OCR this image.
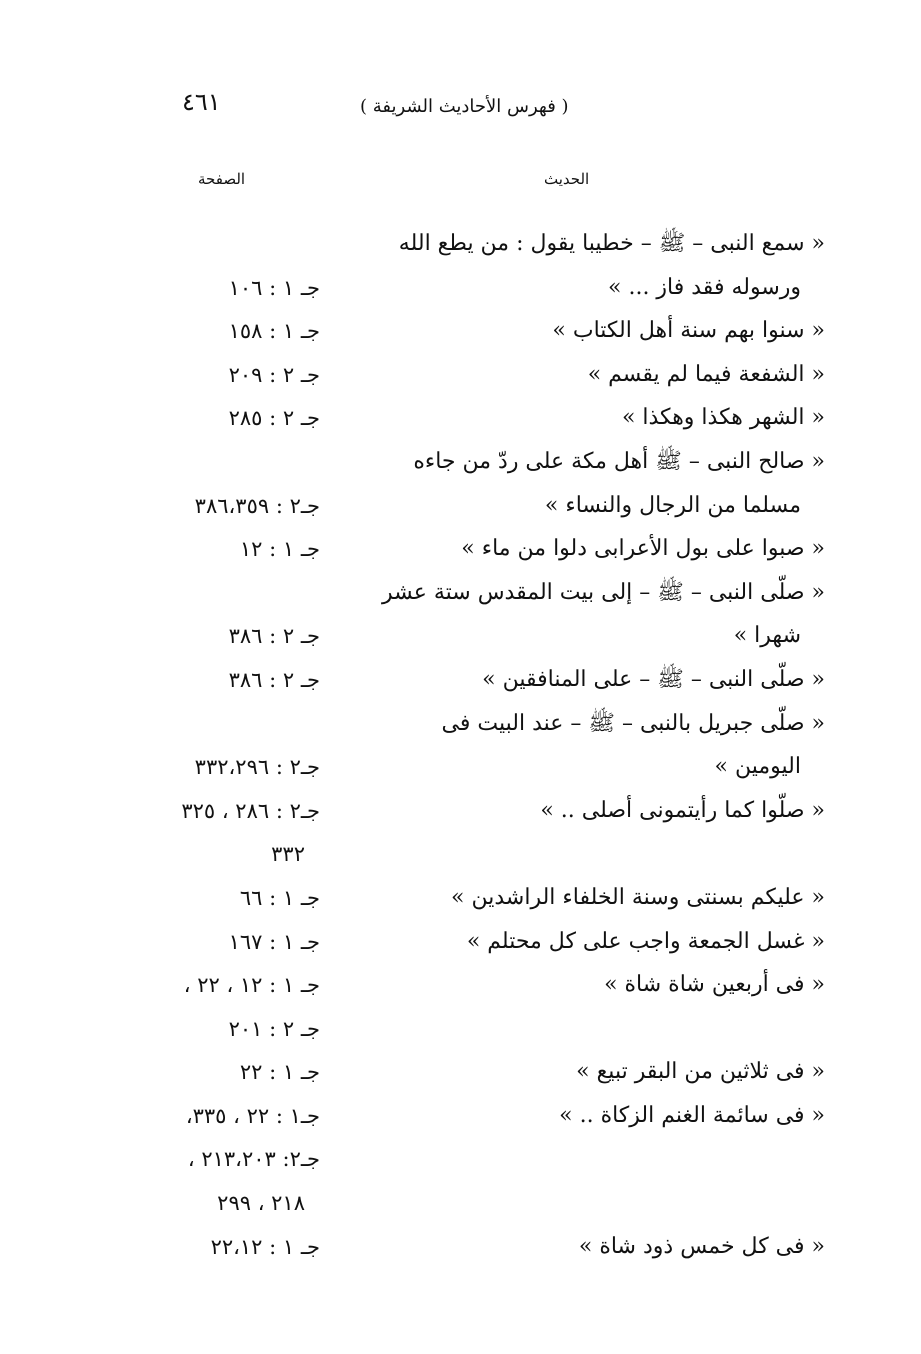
٤٦١	( فهرس الأحاديث الشريفة )
الحديث
الصفحة
« سمع النبى – ﷺ – خطيبا يقول : من يطع الله
ورسوله فقد فاز ... »
جـ ١ : ١٠٦
« سنوا بهم سنة أهل الكتاب »
جـ ١ : ١٥٨
« الشفعة فيما لم يقسم »
جـ ٢ : ٢٠٩
« الشهر هكذا وهكذا »
جـ ٢ : ٢٨٥
« صالح النبى – ﷺ أهل مكة على ردّ من جاءه
مسلما من الرجال والنساء »
جـ٢ : ٣٨٦،٣٥٩
« صبوا على بول الأعرابى دلوا من ماء »
جـ ١ : ١٢
« صلّى النبى – ﷺ – إلى بيت المقدس ستة عشر
شهرا »
جـ ٢ : ٣٨٦
« صلّى النبى – ﷺ – على المنافقين »
جـ ٢ : ٣٨٦
« صلّى جبريل بالنبى – ﷺ – عند البيت فى
اليومين »
جـ٢ : ٣٣٢،٢٩٦
« صلّوا كما رأيتمونى أصلى .. »
جـ٢ : ٢٨٦ ، ٣٢٥
٣٣٢
« عليكم بسنتى وسنة الخلفاء الراشدين »
جـ ١ : ٦٦
« غسل الجمعة واجب على كل محتلم »
جـ ١ : ١٦٧
« فى أربعين شاة شاة »
جـ ١ : ١٢ ، ٢٢ ،
جـ ٢ : ٢٠١
« فى ثلاثين من البقر تبيع »
جـ ١ : ٢٢
« فى سائمة الغنم الزكاة .. »
جـ١ : ٢٢ ، ٣٣٥،
جـ٢: ٢١٣،٢٠٣ ،
٢١٨ ، ٢٩٩
« فى كل خمس ذود شاة »
جـ ١ : ٢٢،١٢
